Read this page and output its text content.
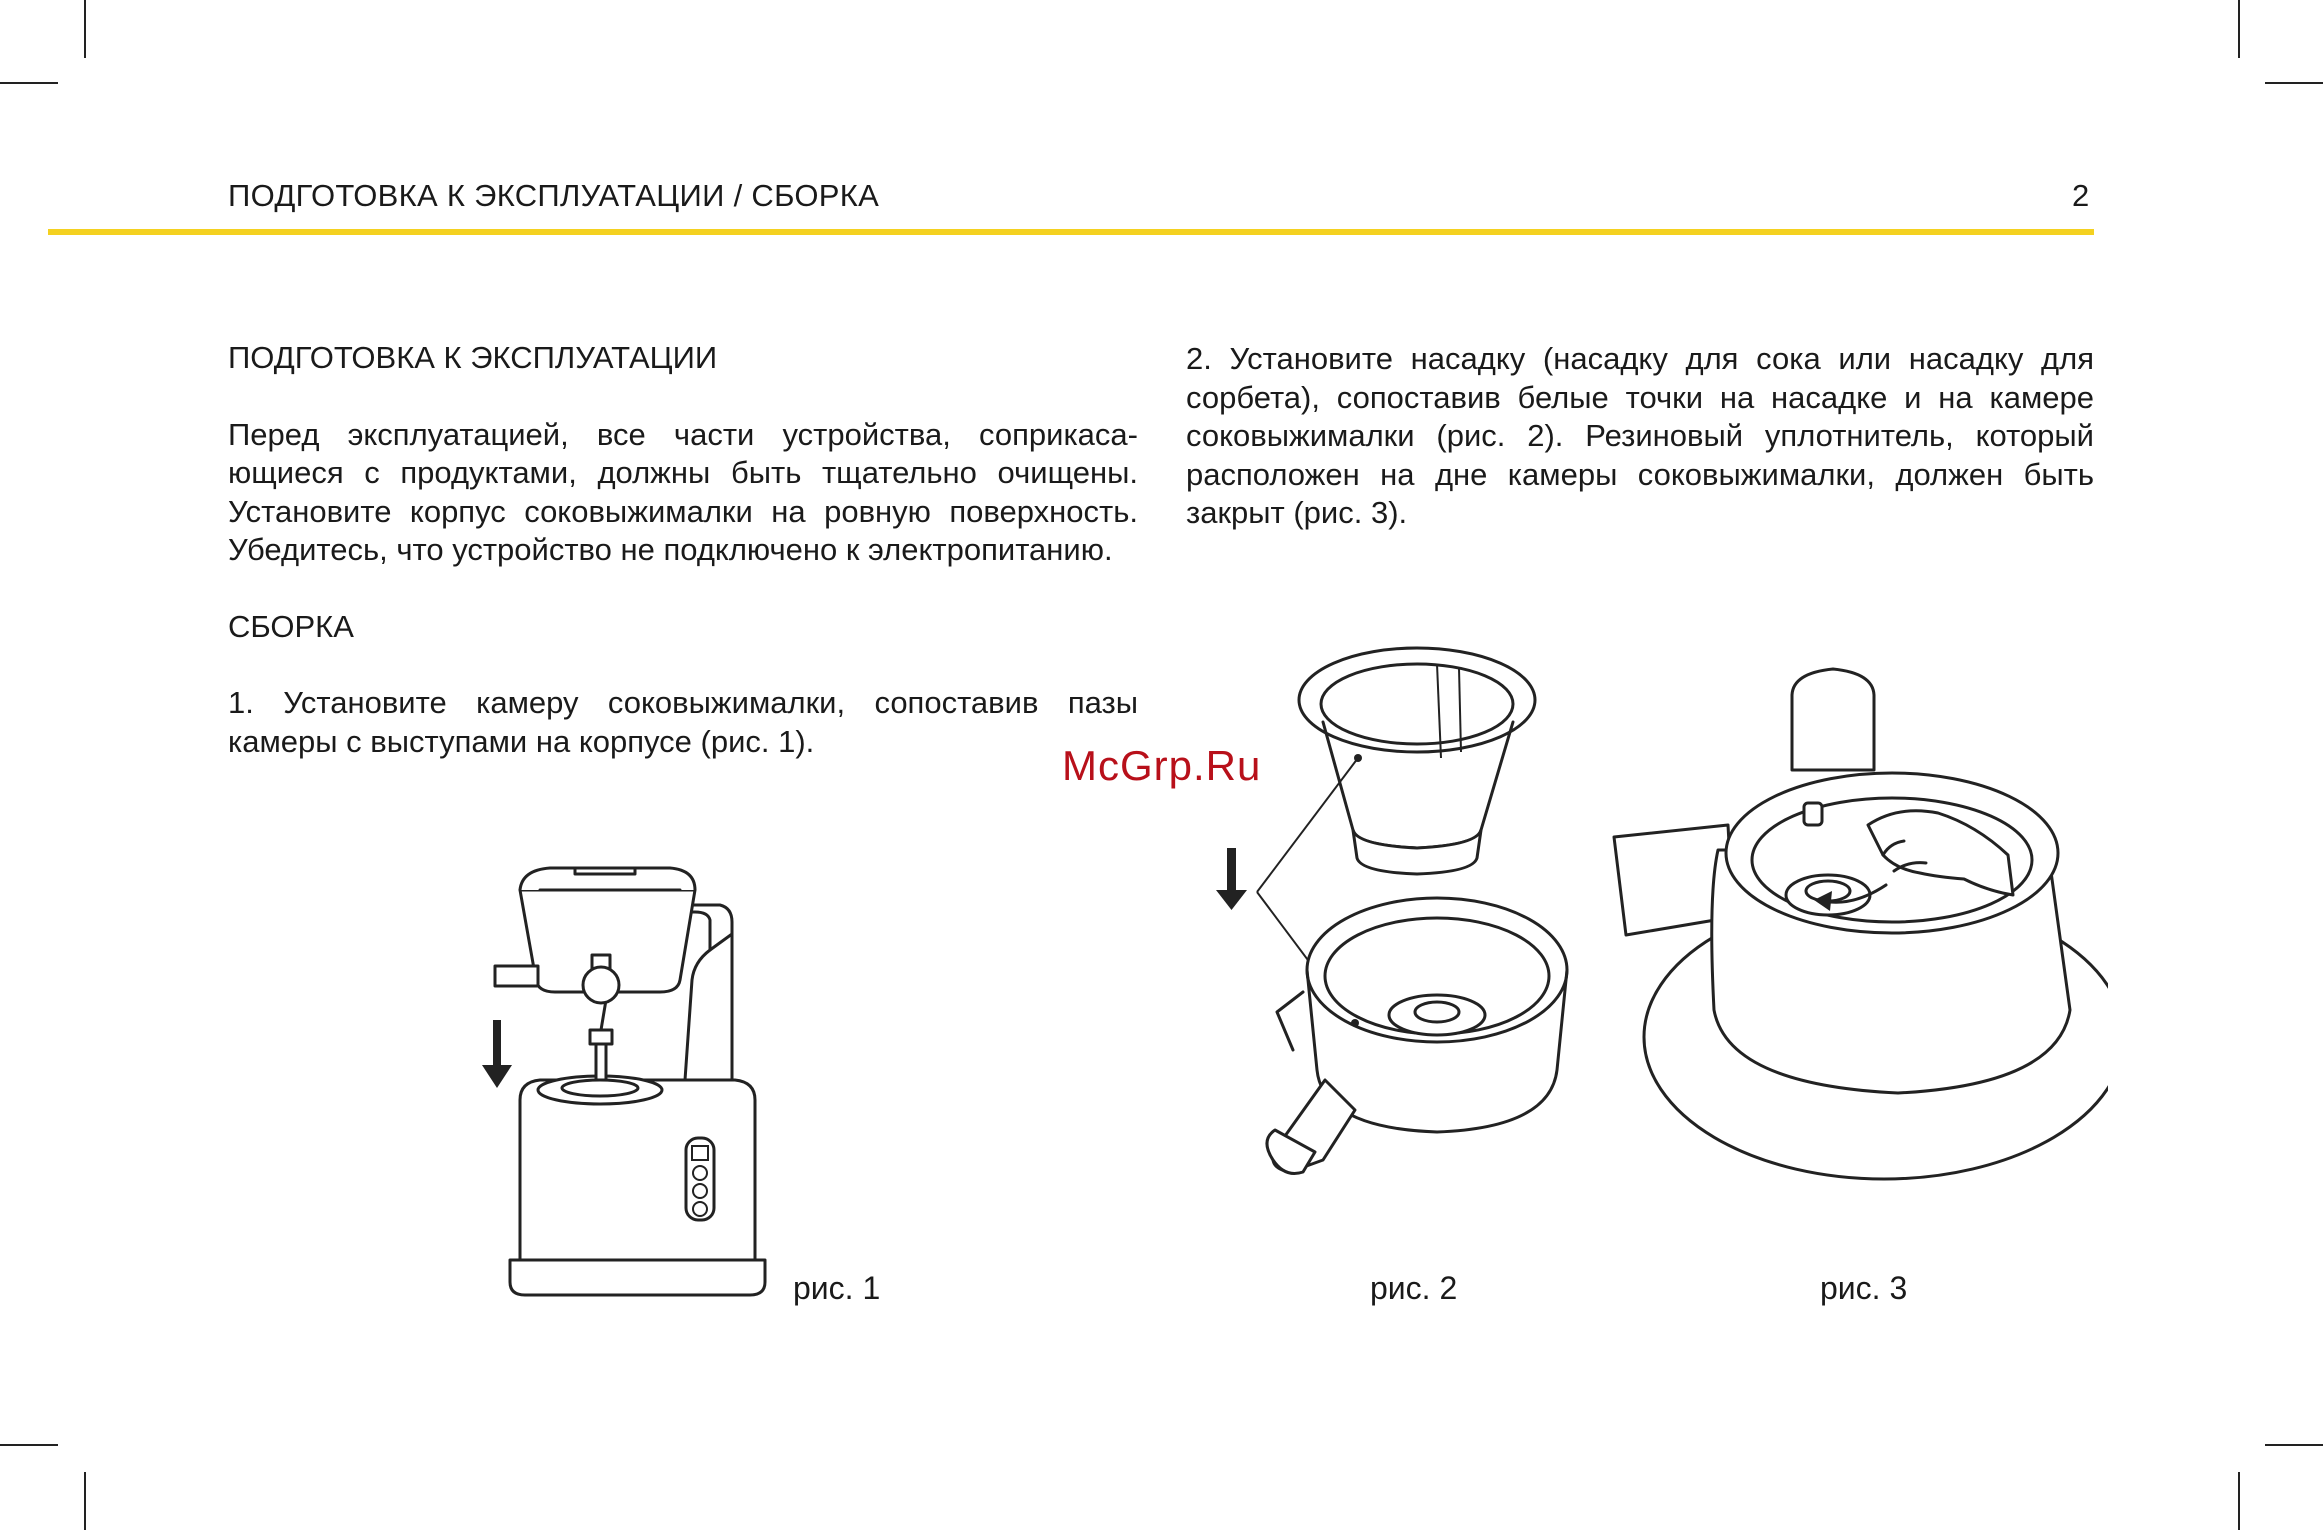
ПОДГОТОВКА К ЭКСПЛУАТАЦИИ / СБОРКА	2
ПОДГОТОВКА К ЭКСПЛУАТАЦИИ

Перед эксплуатацией, все части устройства, соприкасающиеся с продуктами, должны быть тщательно очищены. Установите корпус соковыжималки на ровную поверхность. Убедитесь, что устройство не подключено к электропитанию.

СБОРКА

1. Установите камеру соковыжималки, сопоставив пазы камеры с выступами на корпусе (рис. 1).

2. Установите насадку (насадку для сока или насадку для сорбета), сопоставив белые точки на насадке и на камере соковыжималки (рис. 2). Резиновый уплотнитель, который расположен на дне камеры соковыжималки, должен быть закрыт (рис. 3).

McGrp.Ru
рис. 1	рис. 2	рис. 3
